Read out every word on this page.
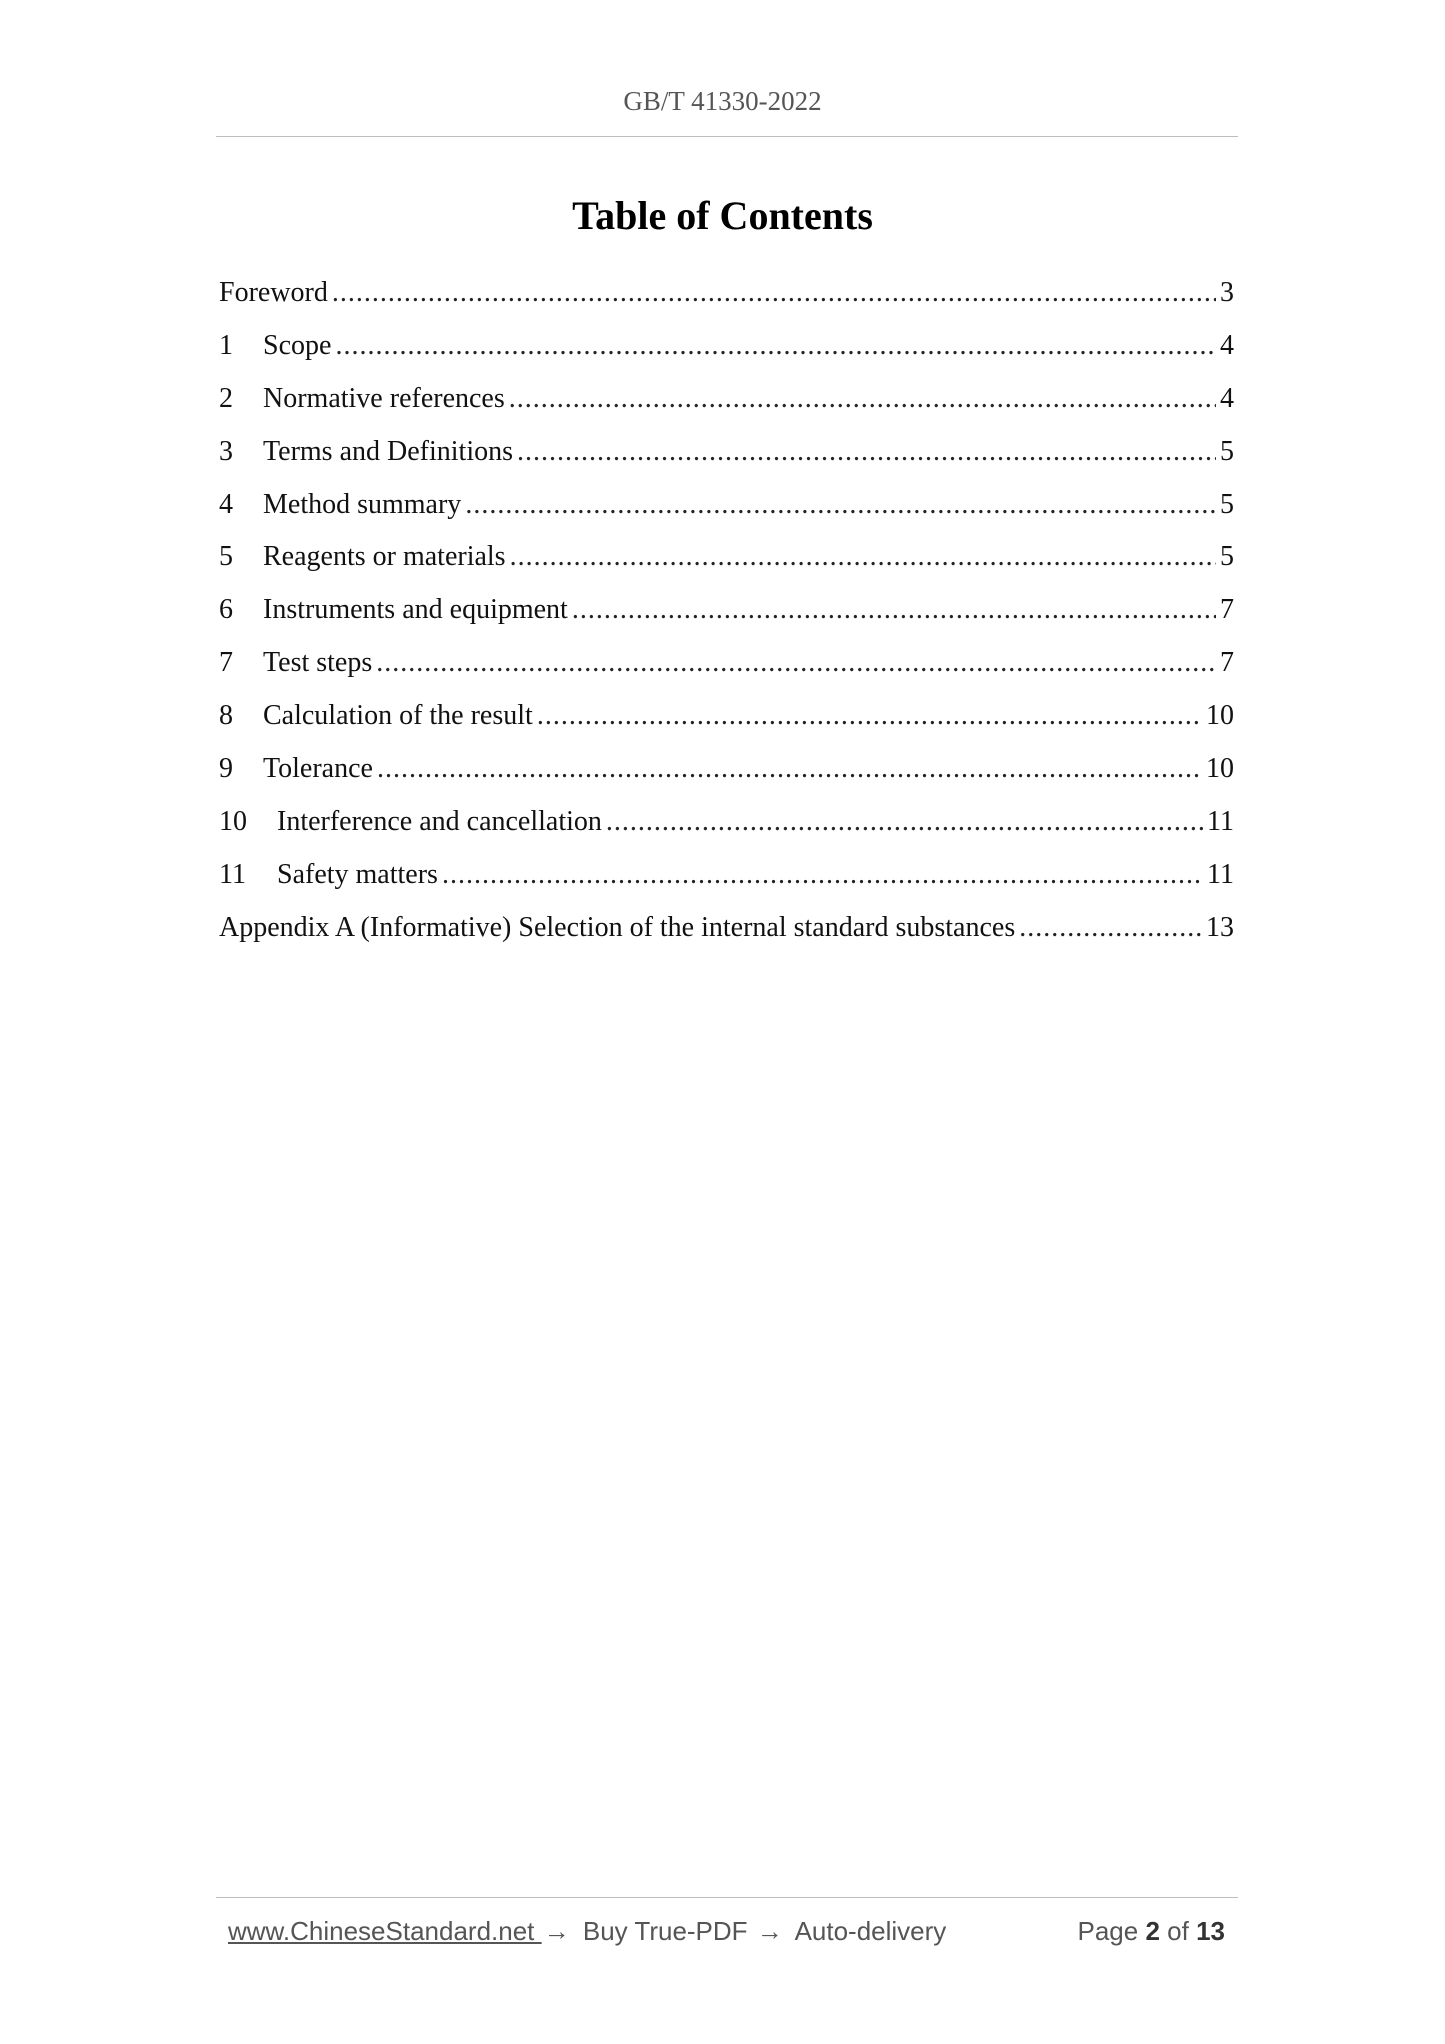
GB/T 41330-2022
Table of Contents
Foreword .....	3
1	Scope .....	4
2	Normative references .....	4
3	Terms and Definitions .....	5
4	Method summary .....	5
5	Reagents or materials .....	5
6	Instruments and equipment .....	7
7	Test steps .....	7
8	Calculation of the result .....	10
9	Tolerance .....	10
10	Interference and cancellation .....	11
11	Safety matters .....	11
Appendix A (Informative) Selection of the internal standard substances .....	13
www.ChineseStandard.net → Buy True-PDF → Auto-delivery	Page 2 of 13
